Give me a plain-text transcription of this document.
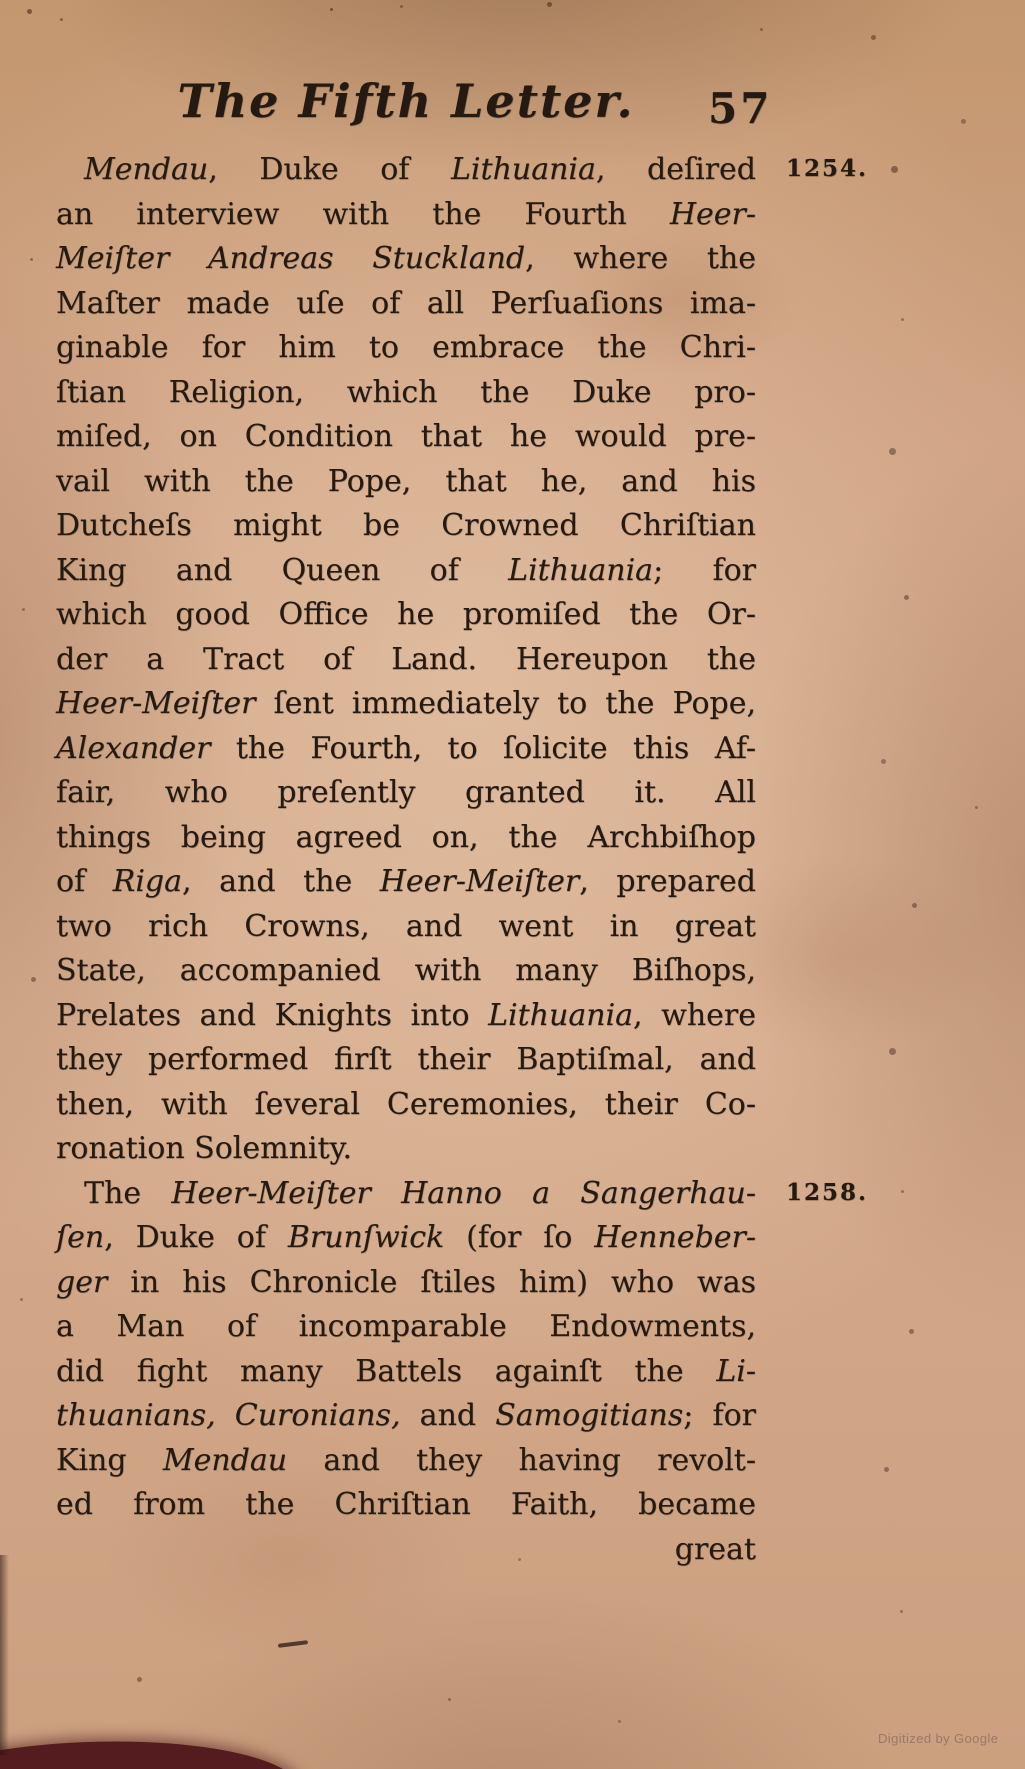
The Fifth Letter.	57
Mendau, Duke of Lithuania, deſired
an interview with the Fourth Heer-
Meiſter Andreas Stuckland, where the
Maſter made uſe of all Perſuaſions ima-
ginable for him to embrace the Chri-
ſtian Religion, which the Duke pro-
miſed, on Condition that he would pre-
vail with the Pope, that he, and his
Dutcheſs might be Crowned Chriſtian
King and Queen of Lithuania; for
which good Office he promiſed the Or-
der a Tract of Land. Hereupon the
Heer-Meiſter ſent immediately to the Pope,
Alexander the Fourth, to ſolicite this Af-
fair, who preſently granted it. All
things being agreed on, the Archbiſhop
of Riga, and the Heer-Meiſter, prepared
two rich Crowns, and went in great
State, accompanied with many Biſhops,
Prelates and Knights into Lithuania, where
they performed firſt their Baptiſmal, and
then, with ſeveral Ceremonies, their Co-
ronation Solemnity.
The Heer-Meiſter Hanno a Sangerhau-
ſen, Duke of Brunſwick (for ſo Henneber-
ger in his Chronicle ſtiles him) who was
a Man of incomparable Endowments,
did fight many Battels againſt the Li-
thuanians, Curonians, and Samogitians; for
King Mendau and they having revolt-
ed from the Chriſtian Faith, became
great
Digitized by Google
1254.
1258.
